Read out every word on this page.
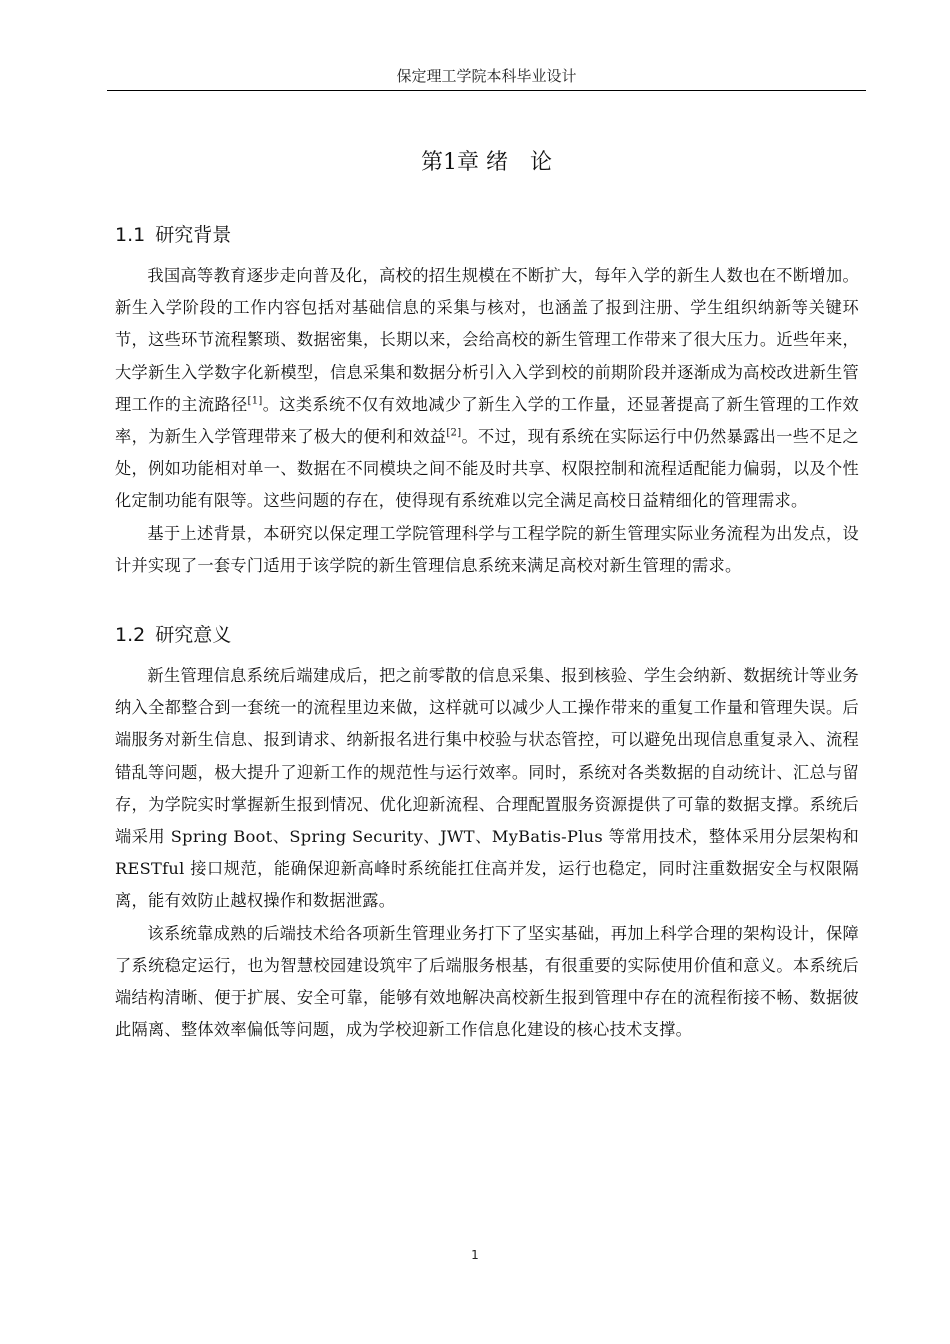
保定理工学院本科毕业设计
第1章 绪　论
1.1 研究背景

我国高等教育逐步走向普及化，高校的招生规模在不断扩大，每年入学的新生人数也在不断增加。新生入学阶段的工作内容包括对基础信息的采集与核对，也涵盖了报到注册、学生组织纳新等关键环节，这些环节流程繁琐、数据密集，长期以来，会给高校的新生管理工作带来了很大压力。近些年来，大学新生入学数字化新模型，信息采集和数据分析引入入学到校的前期阶段并逐渐成为高校改进新生管理工作的主流路径[1]。这类系统不仅有效地减少了新生入学的工作量，还显著提高了新生管理的工作效率，为新生入学管理带来了极大的便利和效益[2]。不过，现有系统在实际运行中仍然暴露出一些不足之处，例如功能相对单一、数据在不同模块之间不能及时共享、权限控制和流程适配能力偏弱，以及个性化定制功能有限等。这些问题的存在，使得现有系统难以完全满足高校日益精细化的管理需求。

基于上述背景，本研究以保定理工学院管理科学与工程学院的新生管理实际业务流程为出发点，设计并实现了一套专门适用于该学院的新生管理信息系统来满足高校对新生管理的需求。

1.2 研究意义

新生管理信息系统后端建成后，把之前零散的信息采集、报到核验、学生会纳新、数据统计等业务纳入全都整合到一套统一的流程里边来做，这样就可以减少人工操作带来的重复工作量和管理失误。后端服务对新生信息、报到请求、纳新报名进行集中校验与状态管控，可以避免出现信息重复录入、流程错乱等问题，极大提升了迎新工作的规范性与运行效率。同时，系统对各类数据的自动统计、汇总与留存，为学院实时掌握新生报到情况、优化迎新流程、合理配置服务资源提供了可靠的数据支撑。系统后端采用 Spring Boot、Spring Security、JWT、MyBatis-Plus 等常用技术，整体采用分层架构和 RESTful 接口规范，能确保迎新高峰时系统能扛住高并发，运行也稳定，同时注重数据安全与权限隔离，能有效防止越权操作和数据泄露。

该系统靠成熟的后端技术给各项新生管理业务打下了坚实基础，再加上科学合理的架构设计，保障了系统稳定运行，也为智慧校园建设筑牢了后端服务根基，有很重要的实际使用价值和意义。本系统后端结构清晰、便于扩展、安全可靠，能够有效地解决高校新生报到管理中存在的流程衔接不畅、数据彼此隔离、整体效率偏低等问题，成为学校迎新工作信息化建设的核心技术支撑。

1
